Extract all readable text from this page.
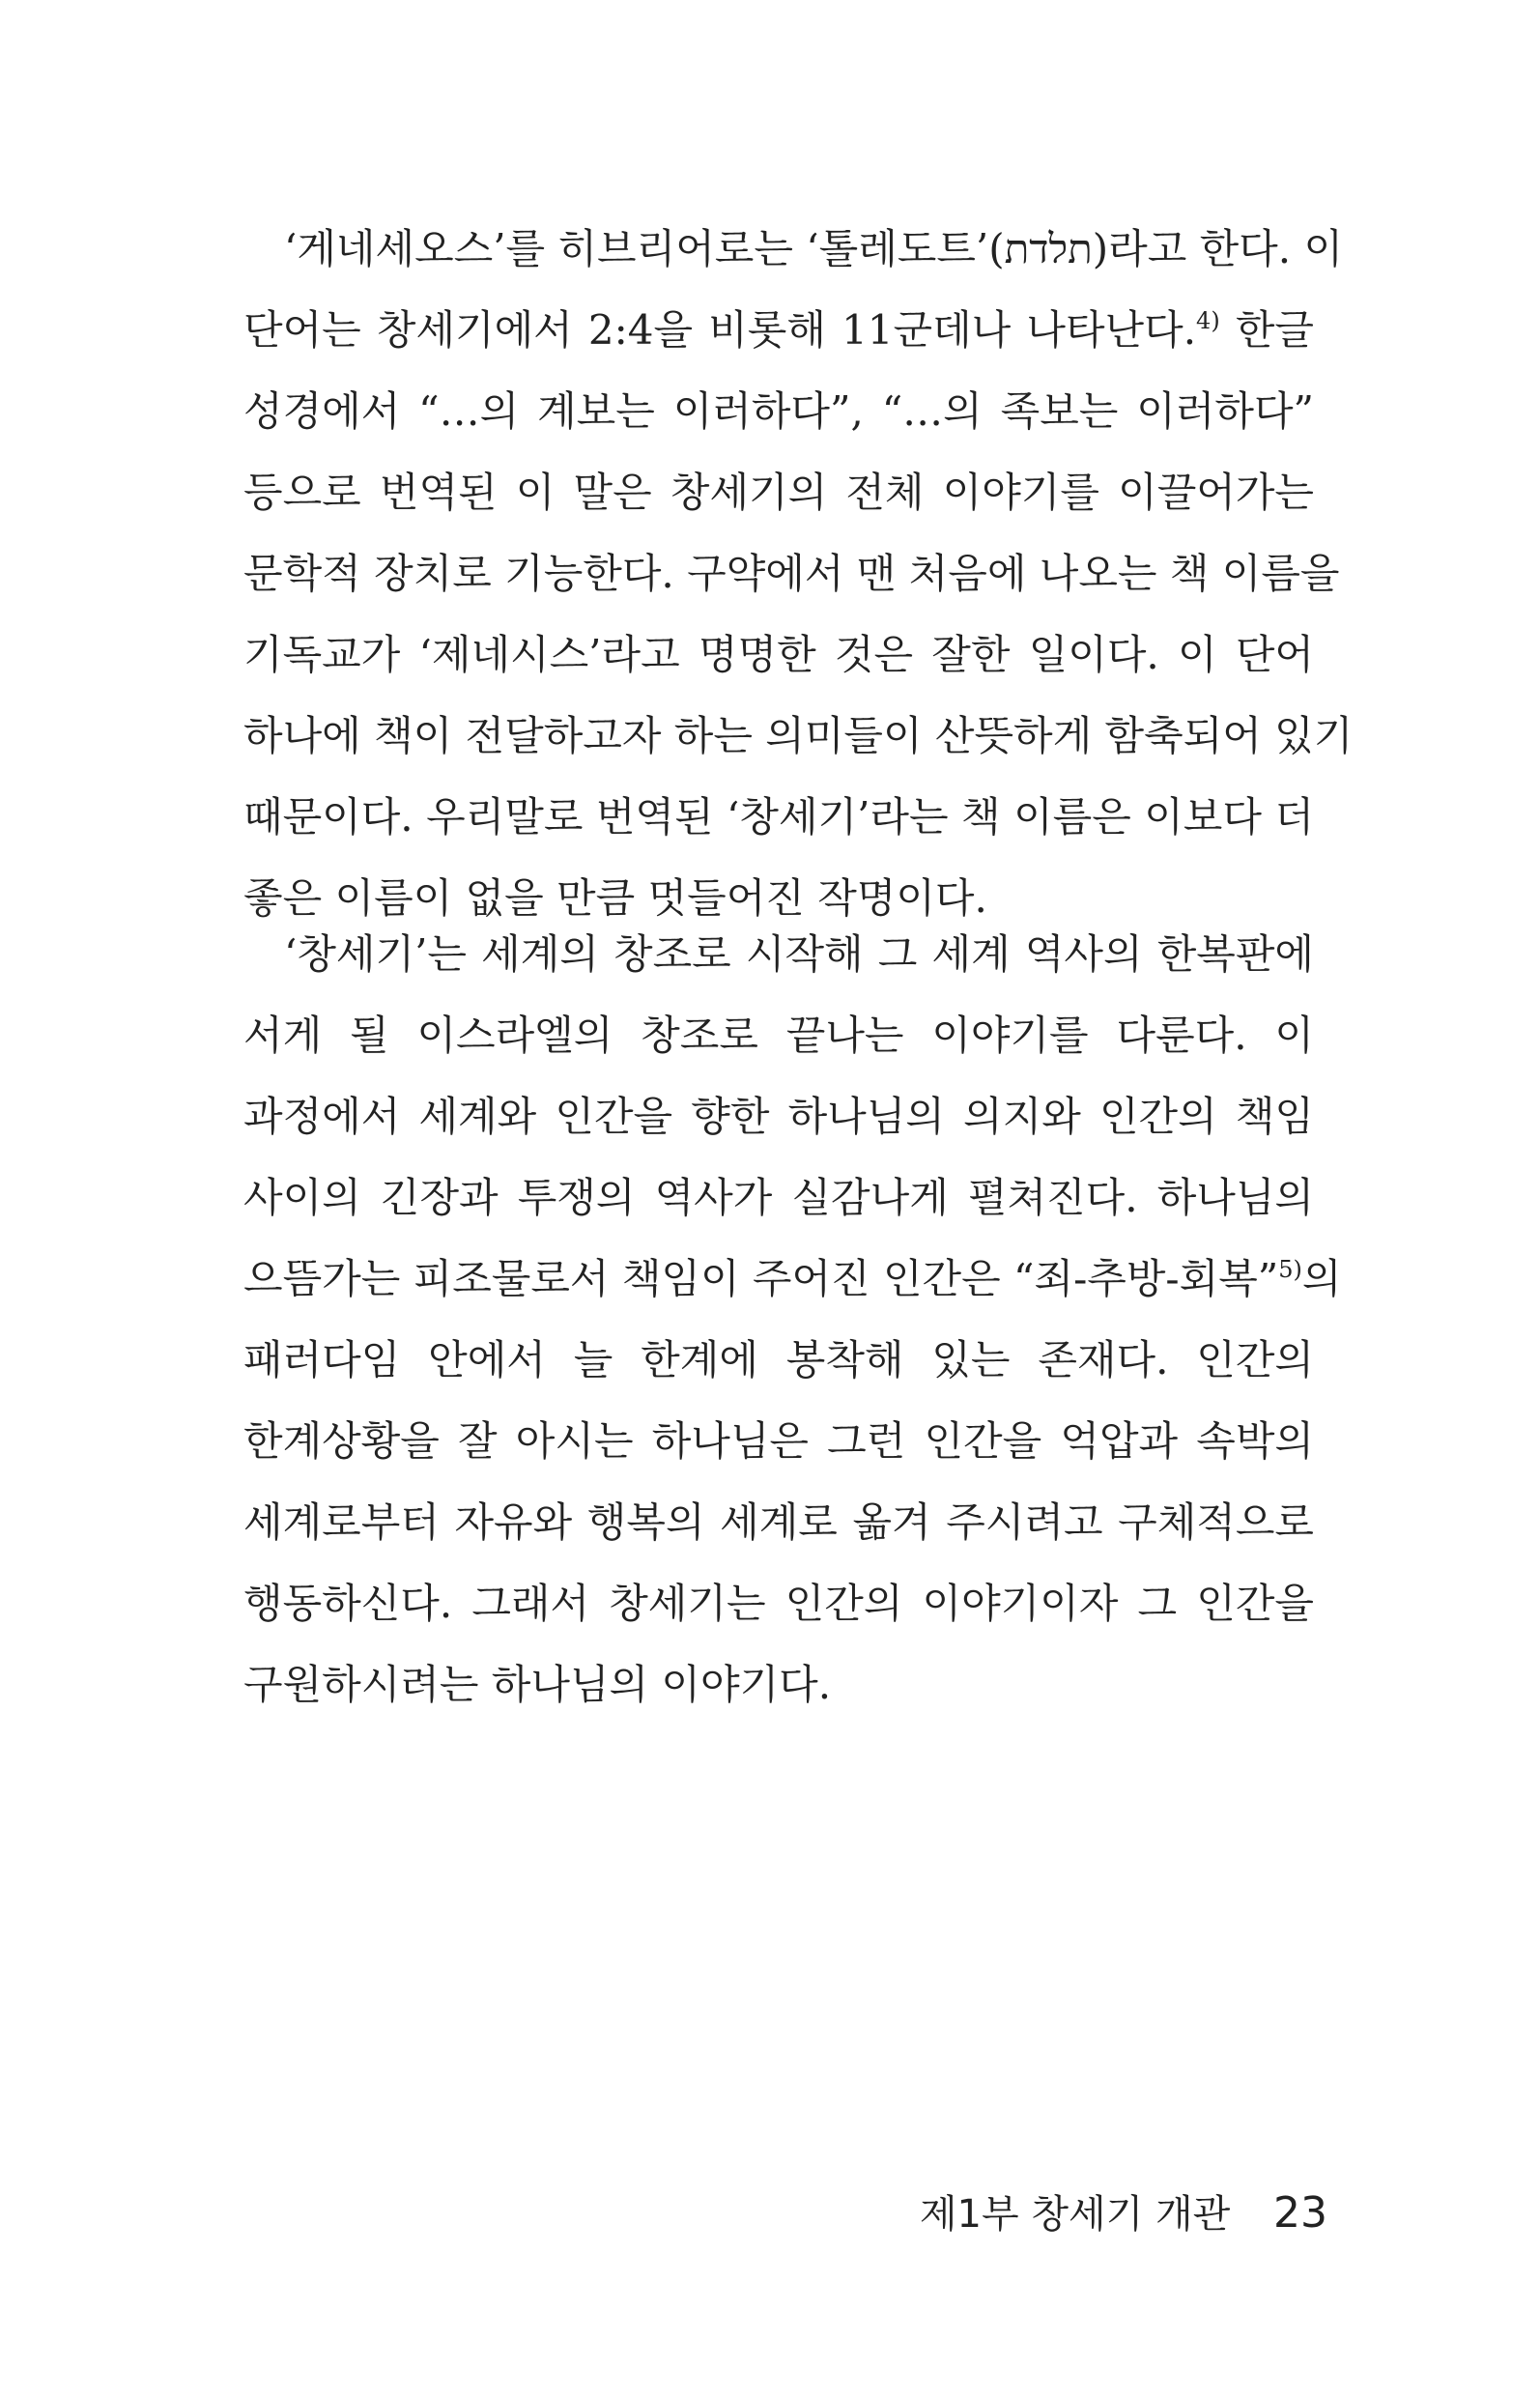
‘게네세오스’를 히브리어로는 ‘톨레도트’(תלדת)라고 한다. 이
단어는 창세기에서 2:4을 비롯해 11군데나 나타난다.$^{4)}$ 한글
성경에서 “…의 계보는 이러하다”, “…의 족보는 이러하다”
등으로 번역된 이 말은 창세기의 전체 이야기를 이끌어가는
문학적 장치로 기능한다. 구약에서 맨 처음에 나오는 책 이름을
기독교가 ‘제네시스’라고 명명한 것은 잘한 일이다. 이 단어
하나에 책이 전달하고자 하는 의미들이 산뜻하게 함축되어 있기
때문이다. 우리말로 번역된 ‘창세기’라는 책 이름은 이보다 더
좋은 이름이 없을 만큼 멋들어진 작명이다.

‘창세기’는 세계의 창조로 시작해 그 세계 역사의 한복판에
서게 될 이스라엘의 창조로 끝나는 이야기를 다룬다. 이
과정에서 세계와 인간을 향한 하나님의 의지와 인간의 책임
사이의 긴장과 투쟁의 역사가 실감나게 펼쳐진다. 하나님의
으뜸가는 피조물로서 책임이 주어진 인간은 “죄-추방-회복”$^{5)}$의
패러다임 안에서 늘 한계에 봉착해 있는 존재다. 인간의
한계상황을 잘 아시는 하나님은 그런 인간을 억압과 속박의
세계로부터 자유와 행복의 세계로 옮겨 주시려고 구체적으로
행동하신다. 그래서 창세기는 인간의 이야기이자 그 인간을
구원하시려는 하나님의 이야기다.

제1부 창세기 개관 23
